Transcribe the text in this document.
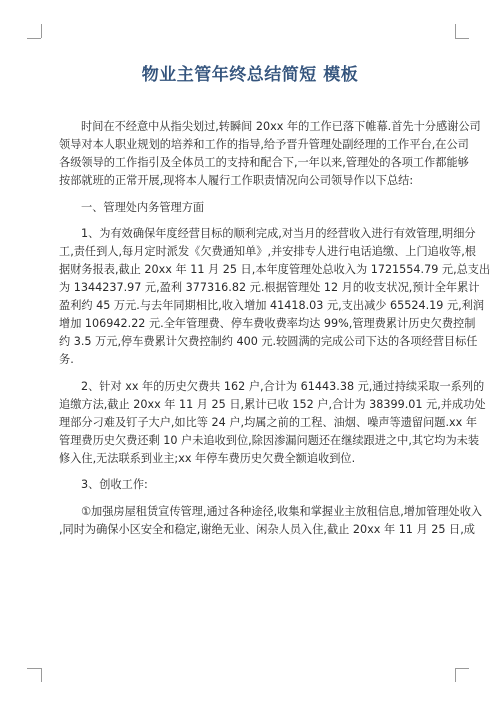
物业主管年终总结简短 模板
时间在不经意中从指尖划过,转瞬间 20xx 年的工作已落下帷幕.首先十分感谢公司
领导对本人职业规划的培养和工作的指导,给予晋升管理处副经理的工作平台,在公司
各级领导的工作指引及全体员工的支持和配合下,一年以来,管理处的各项工作都能够
按部就班的正常开展,现将本人履行工作职责情况向公司领导作以下总结:
一、管理处内务管理方面
1、为有效确保年度经营目标的顺利完成,对当月的经营收入进行有效管理,明细分
工,责任到人,每月定时派发《欠费通知单》,并安排专人进行电话追缴、上门追收等,根
据财务报表,截止 20xx 年 11 月 25 日,本年度管理处总收入为 1721554.79 元,总支出
为 1344237.97 元,盈利 377316.82 元.根据管理处 12 月的收支状况,预计全年累计
盈利约 45 万元.与去年同期相比,收入增加 41418.03 元,支出减少 65524.19 元,利润
增加 106942.22 元.全年管理费、停车费收费率均达 99%,管理费累计历史欠费控制
约 3.5 万元,停车费累计欠费控制约 400 元.较圆满的完成公司下达的各项经营目标任
务.
2、针对 xx 年的历史欠费共 162 户,合计为 61443.38 元,通过持续采取一系列的
追缴方法,截止 20xx 年 11 月 25 日,累计已收 152 户,合计为 38399.01 元,并成功处
理部分刁难及钉子大户,如比等 24 户,均属之前的工程、油烟、噪声等遗留问题.xx 年
管理费历史欠费还剩 10 户未追收到位,除因渗漏问题还在继续跟进之中,其它均为未装
修入住,无法联系到业主;xx 年停车费历史欠费全额追收到位.
3、创收工作:
①加强房屋租赁宣传管理,通过各种途径,收集和掌握业主放租信息,增加管理处收入
,同时为确保小区安全和稳定,谢绝无业、闲杂人员入住,截止 20xx 年 11 月 25 日,成
